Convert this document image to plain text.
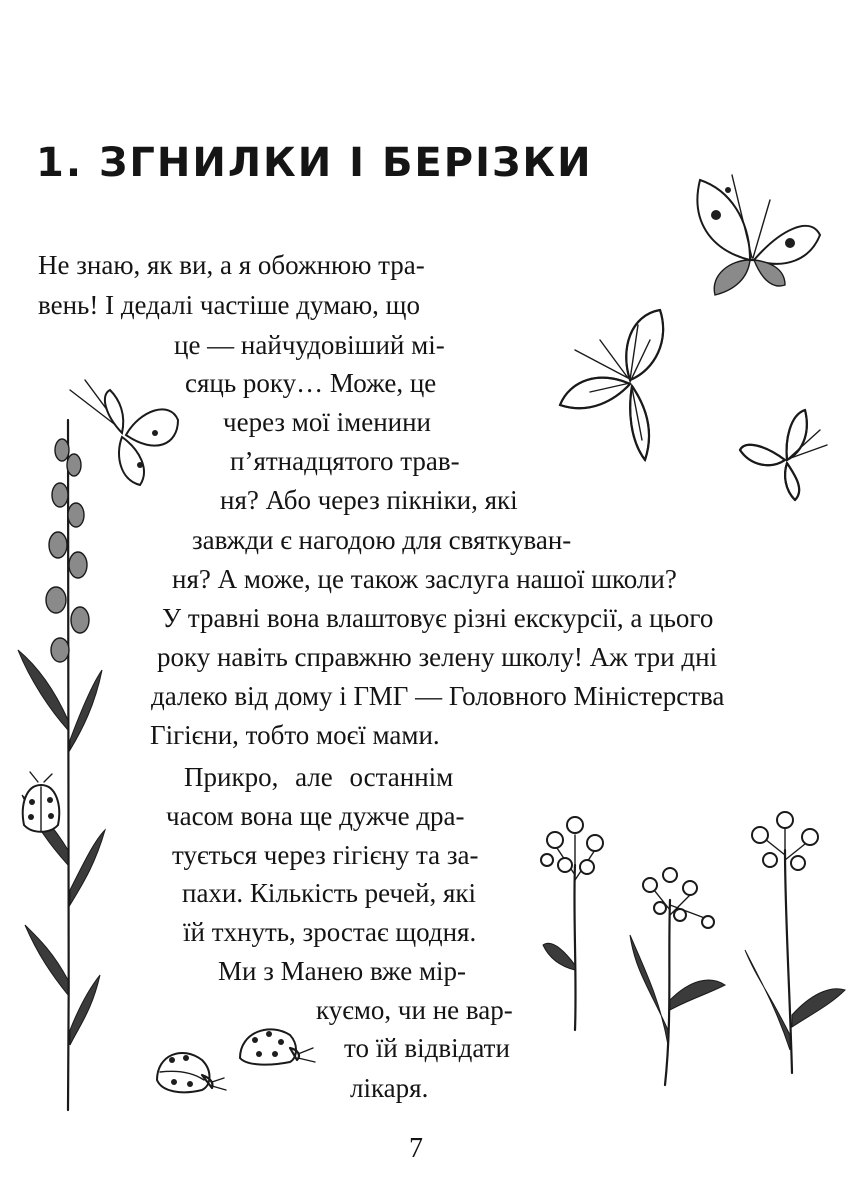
1. ЗГНИЛКИ І БЕРІЗКИ
Не знаю, як ви, а я обожнюю тра-
вень! І дедалі частіше думаю, що
це — найчудовіший мі-
сяць року… Може, це
через мої іменини
п’ятнадцятого трав-
ня? Або через пікніки, які
завжди є нагодою для святкуван-
ня? А може, це також заслуга нашої школи?
У травні вона влаштовує різні екскурсії, а цього
року навіть справжню зелену школу! Аж три дні
далеко від дому і ГМГ — Головного Міністерства
Гігієни, тобто моєї мами.
Прикро, але останнім
часом вона ще дужче дра-
тується через гігієну та за-
пахи. Кількість речей, які
їй тхнуть, зростає щодня.
Ми з Манею вже мір-
куємо, чи не вар-
то їй відвідати
лікаря.
7
